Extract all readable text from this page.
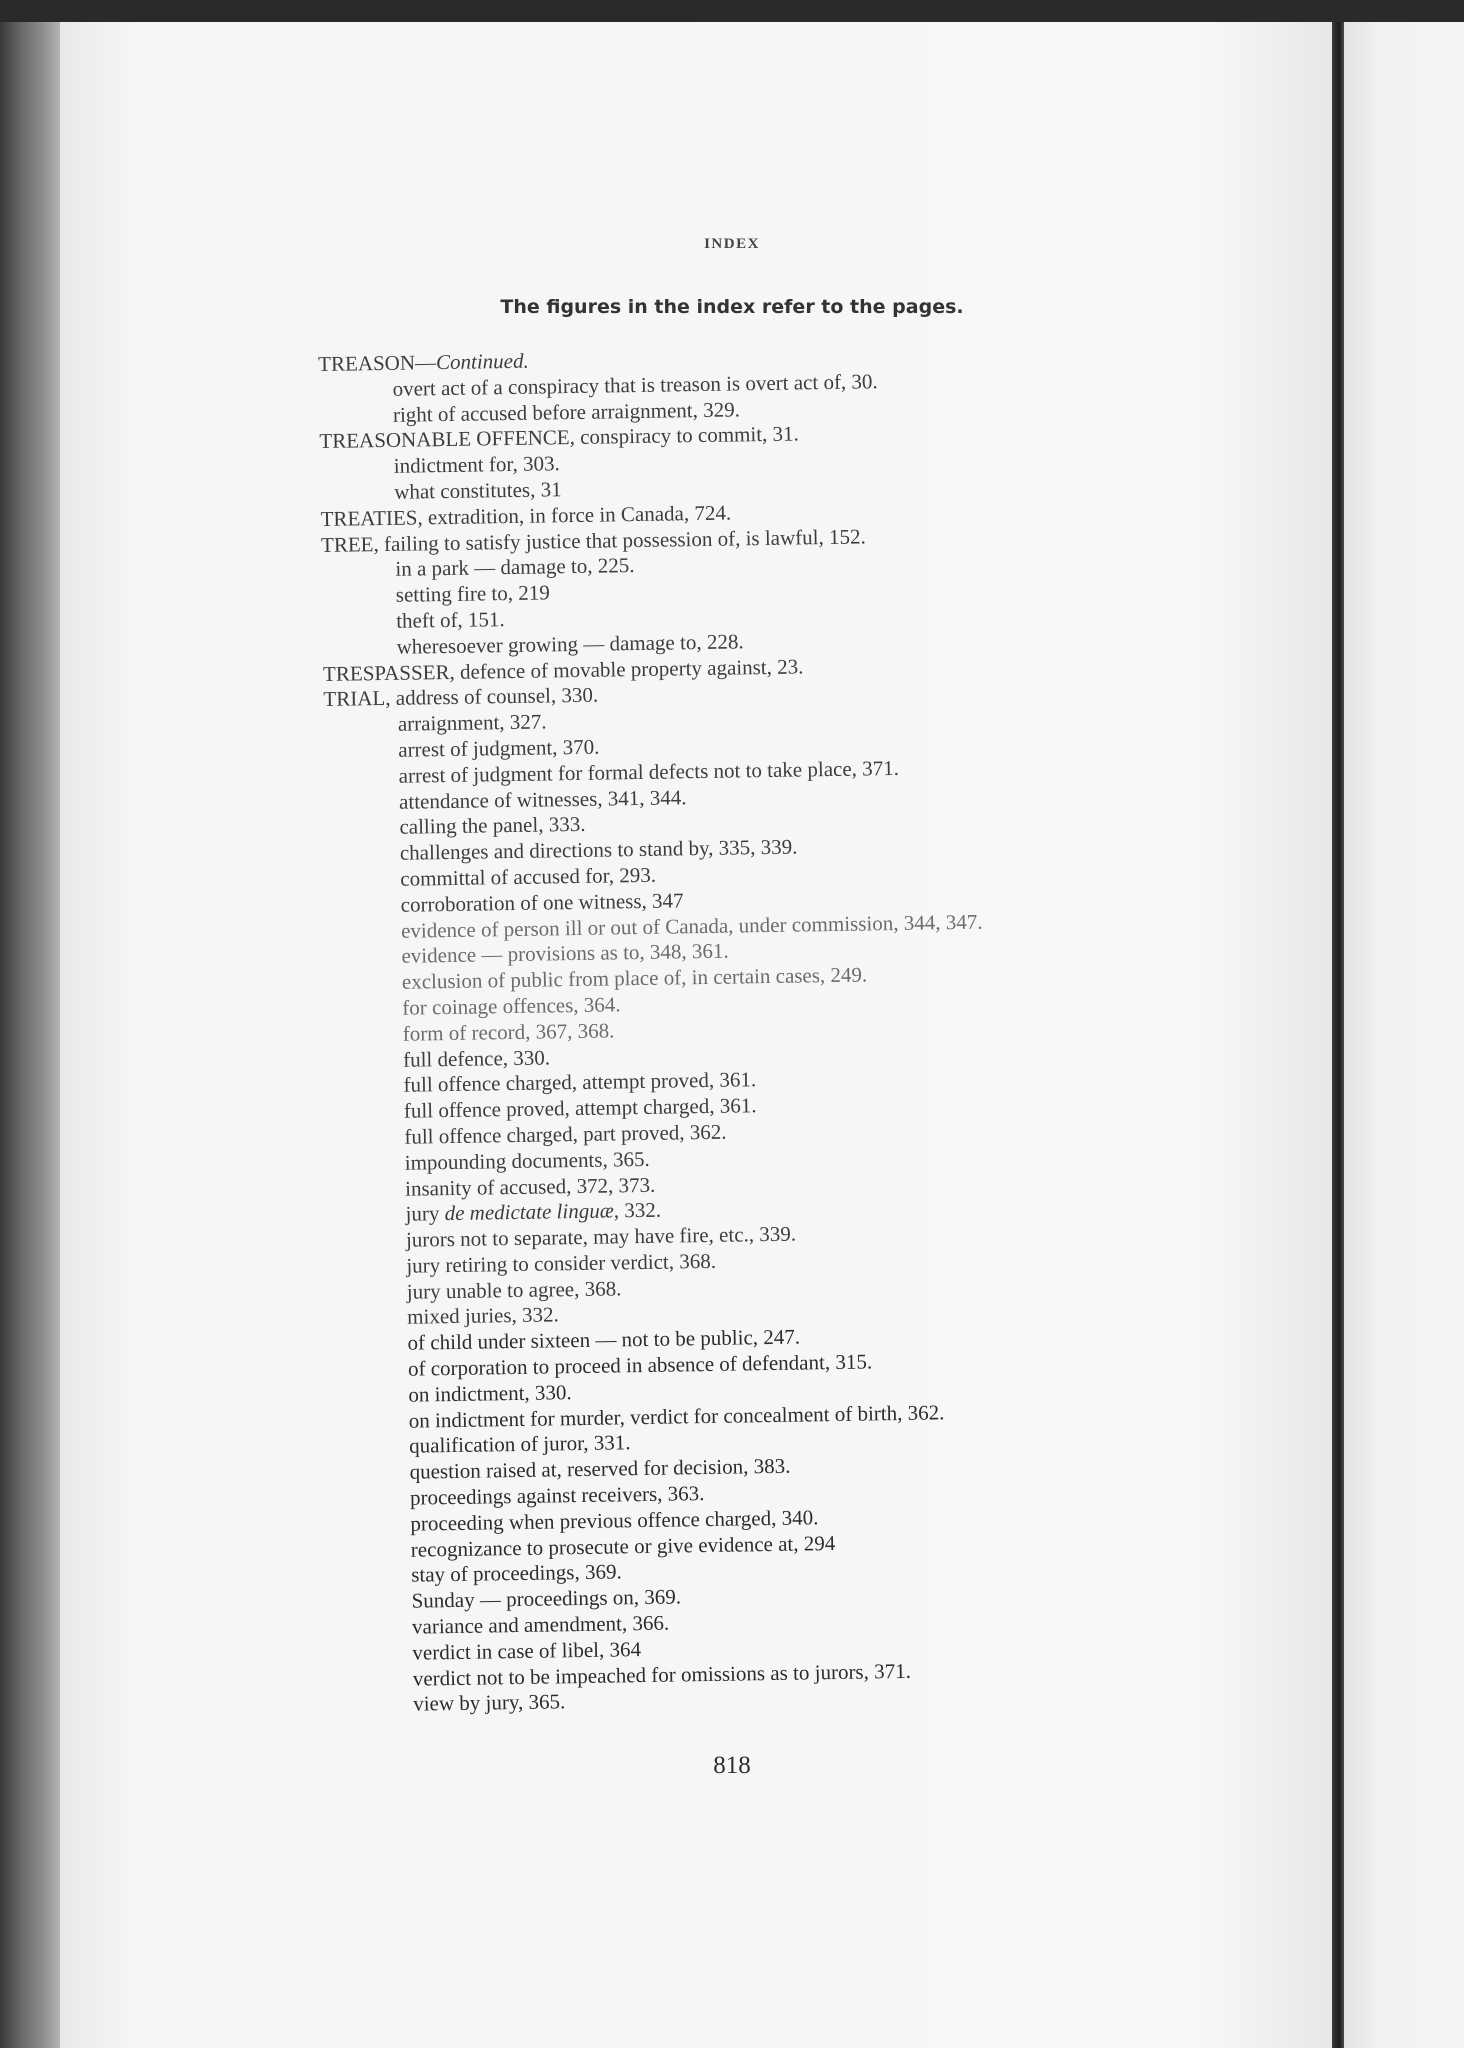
INDEX
The figures in the index refer to the pages.
TREASON—Continued.
overt act of a conspiracy that is treason is overt act of, 30.
right of accused before arraignment, 329.
TREASONABLE OFFENCE, conspiracy to commit, 31.
indictment for, 303.
what constitutes, 31
TREATIES, extradition, in force in Canada, 724.
TREE, failing to satisfy justice that possession of, is lawful, 152.
in a park — damage to, 225.
setting fire to, 219
theft of, 151.
wheresoever growing — damage to, 228.
TRESPASSER, defence of movable property against, 23.
TRIAL, address of counsel, 330.
arraignment, 327.
arrest of judgment, 370.
arrest of judgment for formal defects not to take place, 371.
attendance of witnesses, 341, 344.
calling the panel, 333.
challenges and directions to stand by, 335, 339.
committal of accused for, 293.
corroboration of one witness, 347
evidence of person ill or out of Canada, under commission, 344, 347.
evidence — provisions as to, 348, 361.
exclusion of public from place of, in certain cases, 249.
for coinage offences, 364.
form of record, 367, 368.
full defence, 330.
full offence charged, attempt proved, 361.
full offence proved, attempt charged, 361.
full offence charged, part proved, 362.
impounding documents, 365.
insanity of accused, 372, 373.
jury de medictate linguæ, 332.
jurors not to separate, may have fire, etc., 339.
jury retiring to consider verdict, 368.
jury unable to agree, 368.
mixed juries, 332.
of child under sixteen — not to be public, 247.
of corporation to proceed in absence of defendant, 315.
on indictment, 330.
on indictment for murder, verdict for concealment of birth, 362.
qualification of juror, 331.
question raised at, reserved for decision, 383.
proceedings against receivers, 363.
proceeding when previous offence charged, 340.
recognizance to prosecute or give evidence at, 294
stay of proceedings, 369.
Sunday — proceedings on, 369.
variance and amendment, 366.
verdict in case of libel, 364
verdict not to be impeached for omissions as to jurors, 371.
view by jury, 365.
818
